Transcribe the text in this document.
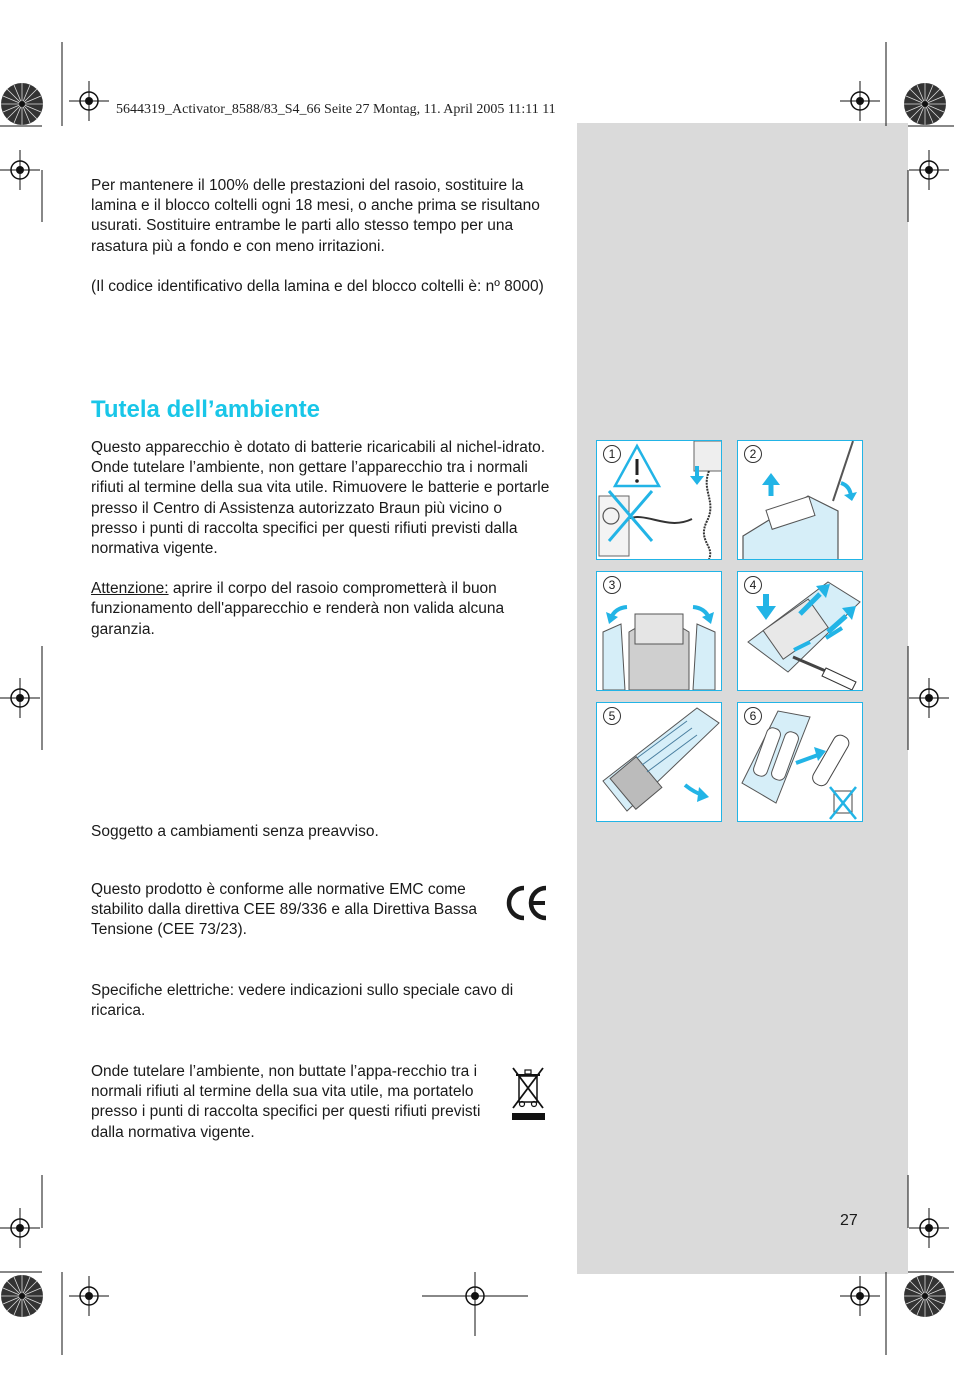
5644319_Activator_8588/83_S4_66 Seite 27 Montag, 11. April 2005 11:11 11

Per mantenere il 100% delle prestazioni del rasoio, sostituire la lamina e il blocco coltelli ogni 18 mesi, o anche prima se risultano usurati. Sostituire entrambe le parti allo stesso tempo per una rasatura più a fondo e con meno irritazioni.

(Il codice identificativo della lamina e del blocco coltelli è: nº 8000)

Tutela dell’ambiente

Questo apparecchio è dotato di batterie ricaricabili al nichel-idrato. Onde tutelare l’ambiente, non gettare l’apparecchio tra i normali rifiuti al termine della sua vita utile. Rimuovere le batterie e portarle presso il Centro di Assistenza autorizzato Braun più vicino o presso i punti di raccolta specifici per questi rifiuti previsti dalla normativa vigente.

Attenzione: aprire il corpo del rasoio comprometterà il buon funzionamento dell'apparecchio e renderà non valida alcuna garanzia.

Soggetto a cambiamenti senza preavviso.
Questo prodotto è conforme alle normative EMC come stabilito dalla direttiva CEE 89/336 e alla Direttiva Bassa Tensione (CEE 73/23).
Specifiche elettriche: vedere indicazioni sullo speciale cavo di ricarica.
Onde tutelare l’ambiente, non buttate l’appa-recchio tra i normali rifiuti al termine della sua vita utile, ma portatelo presso i punti di raccolta specifici per questi rifiuti previsti dalla normativa vigente.
1	2
3	4
5	6
27
